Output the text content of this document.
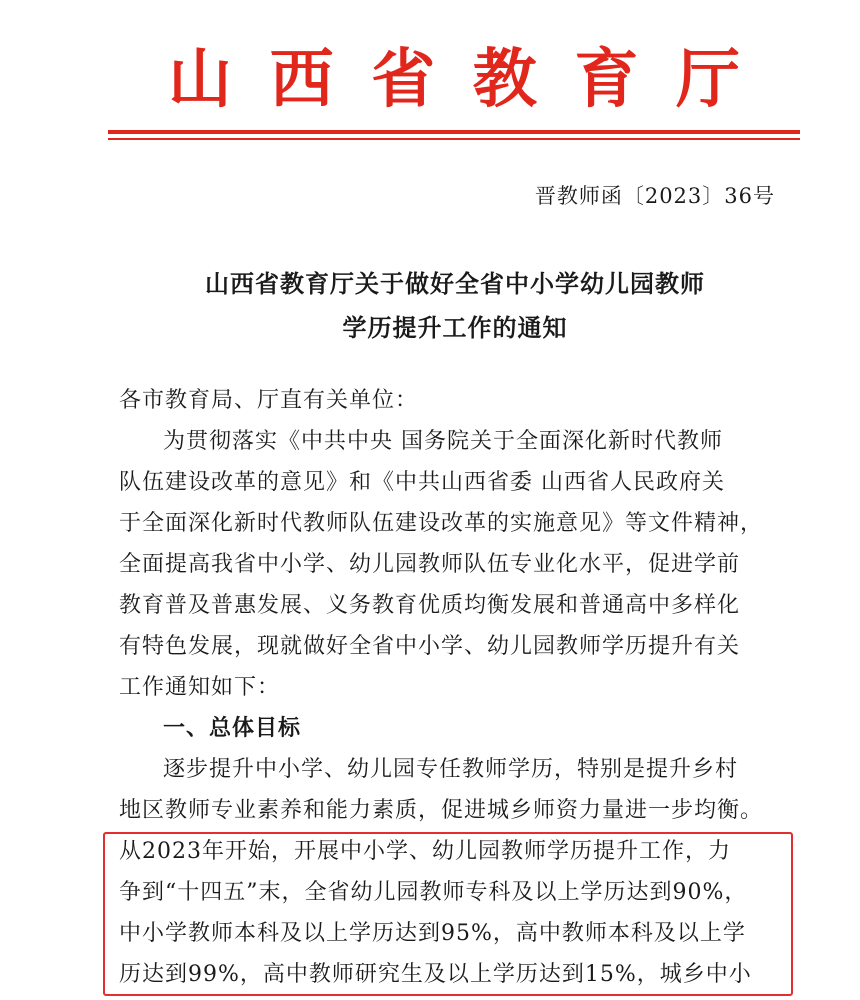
山 西 省 教 育 厅
晋教师函〔2023〕36号
山西省教育厅关于做好全省中小学幼儿园教师
学历提升工作的通知
各市教育局、厅直有关单位：
为贯彻落实《中共中央 国务院关于全面深化新时代教师
队伍建设改革的意见》和《中共山西省委 山西省人民政府关
于全面深化新时代教师队伍建设改革的实施意见》等文件精神，
全面提高我省中小学、幼儿园教师队伍专业化水平，促进学前
教育普及普惠发展、义务教育优质均衡发展和普通高中多样化
有特色发展，现就做好全省中小学、幼儿园教师学历提升有关
工作通知如下：
一、总体目标
逐步提升中小学、幼儿园专任教师学历，特别是提升乡村
地区教师专业素养和能力素质，促进城乡师资力量进一步均衡。
从2023年开始，开展中小学、幼儿园教师学历提升工作，力
争到“十四五”末，全省幼儿园教师专科及以上学历达到90%，
中小学教师本科及以上学历达到95%，高中教师本科及以上学
历达到99%，高中教师研究生及以上学历达到15%，城乡中小
